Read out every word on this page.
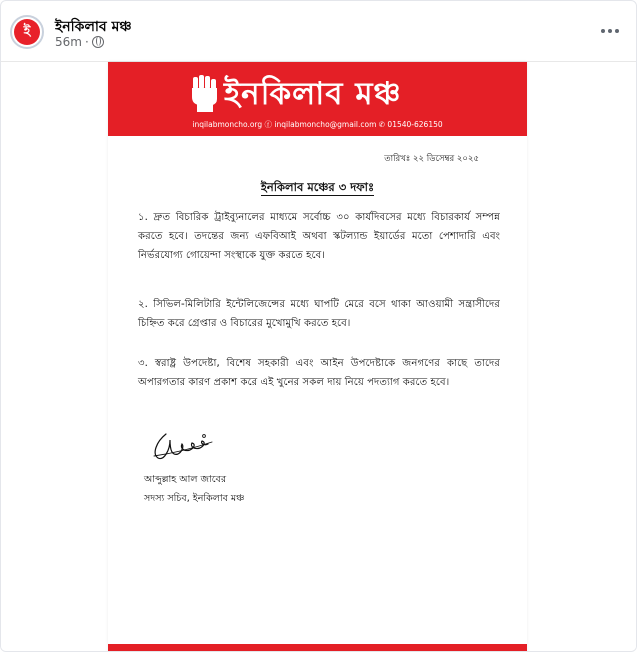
ই	ইনকিলাব মঞ্চ
56m ·
ইনকিলাব মঞ্চ
inqilabmoncho.org ⓕ inqilabmoncho@gmail.com ✆ 01540-626150
তারিখঃ ২২ ডিসেম্বর ২০২৫
ইনকিলাব মঞ্চের ৩ দফাঃ

১. দ্রুত বিচারিক ট্রাইব্যুনালের মাধ্যমে সর্বোচ্চ ৩০ কার্যদিবসের মধ্যে বিচারকার্য সম্পন্ন করতে হবে। তদন্তের জন্য এফবিআই অথবা স্কটল্যান্ড ইয়ার্ডের মতো পেশাদারি এবং নির্ভরযোগ্য গোয়েন্দা সংস্থাকে যুক্ত করতে হবে।

২. সিভিল-মিলিটারি ইন্টেলিজেন্সের মধ্যে ঘাপটি মেরে বসে থাকা আওয়ামী সন্ত্রাসীদের চিহ্নিত করে গ্রেপ্তার ও বিচারের মুখোমুখি করতে হবে।

৩. স্বরাষ্ট্র উপদেষ্টা, বিশেষ সহকারী এবং আইন উপদেষ্টাকে জনগণের কাছে তাদের অপারগতার কারণ প্রকাশ করে এই খুনের সকল দায় নিয়ে পদত্যাগ করতে হবে।

আব্দুল্লাহ আল জাবের
সদস্য সচিব, ইনকিলাব মঞ্চ
